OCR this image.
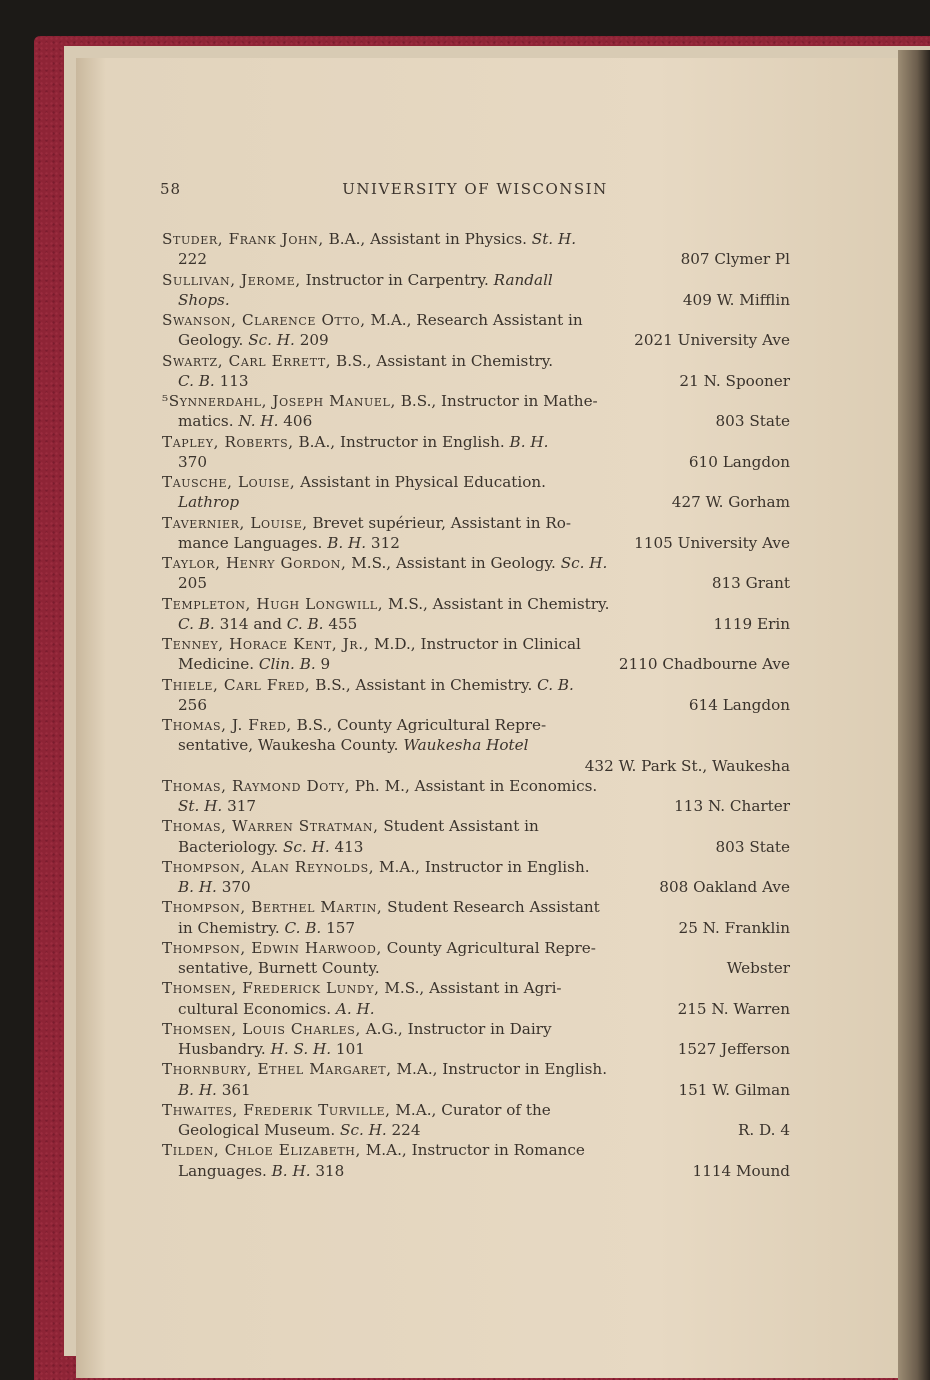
58	UNIVERSITY OF WISCONSIN
Studer, Frank John, B.A., Assistant in Physics. St. H.
222	807 Clymer Pl
Sullivan, Jerome, Instructor in Carpentry. Randall
Shops.	409 W. Mifflin
Swanson, Clarence Otto, M.A., Research Assistant in
Geology. Sc. H. 209	2021 University Ave
Swartz, Carl Errett, B.S., Assistant in Chemistry.
C. B. 113	21 N. Spooner
⁵Synnerdahl, Joseph Manuel, B.S., Instructor in Mathe-
matics. N. H. 406	803 State
Tapley, Roberts, B.A., Instructor in English. B. H.
370	610 Langdon
Tausche, Louise, Assistant in Physical Education.
Lathrop	427 W. Gorham
Tavernier, Louise, Brevet supérieur, Assistant in Ro-
mance Languages. B. H. 312	1105 University Ave
Taylor, Henry Gordon, M.S., Assistant in Geology. Sc. H.
205	813 Grant
Templeton, Hugh Longwill, M.S., Assistant in Chemistry.
C. B. 314 and C. B. 455	1119 Erin
Tenney, Horace Kent, Jr., M.D., Instructor in Clinical
Medicine. Clin. B. 9	2110 Chadbourne Ave
Thiele, Carl Fred, B.S., Assistant in Chemistry. C. B.
256	614 Langdon
Thomas, J. Fred, B.S., County Agricultural Repre-
sentative, Waukesha County. Waukesha Hotel
432 W. Park St., Waukesha
Thomas, Raymond Doty, Ph. M., Assistant in Economics.
St. H. 317	113 N. Charter
Thomas, Warren Stratman, Student Assistant in
Bacteriology. Sc. H. 413	803 State
Thompson, Alan Reynolds, M.A., Instructor in English.
B. H. 370	808 Oakland Ave
Thompson, Berthel Martin, Student Research Assistant
in Chemistry. C. B. 157	25 N. Franklin
Thompson, Edwin Harwood, County Agricultural Repre-
sentative, Burnett County.	Webster
Thomsen, Frederick Lundy, M.S., Assistant in Agri-
cultural Economics. A. H.	215 N. Warren
Thomsen, Louis Charles, A.G., Instructor in Dairy
Husbandry. H. S. H. 101	1527 Jefferson
Thornbury, Ethel Margaret, M.A., Instructor in English.
B. H. 361	151 W. Gilman
Thwaites, Frederik Turville, M.A., Curator of the
Geological Museum. Sc. H. 224	R. D. 4
Tilden, Chloe Elizabeth, M.A., Instructor in Romance
Languages. B. H. 318	1114 Mound
